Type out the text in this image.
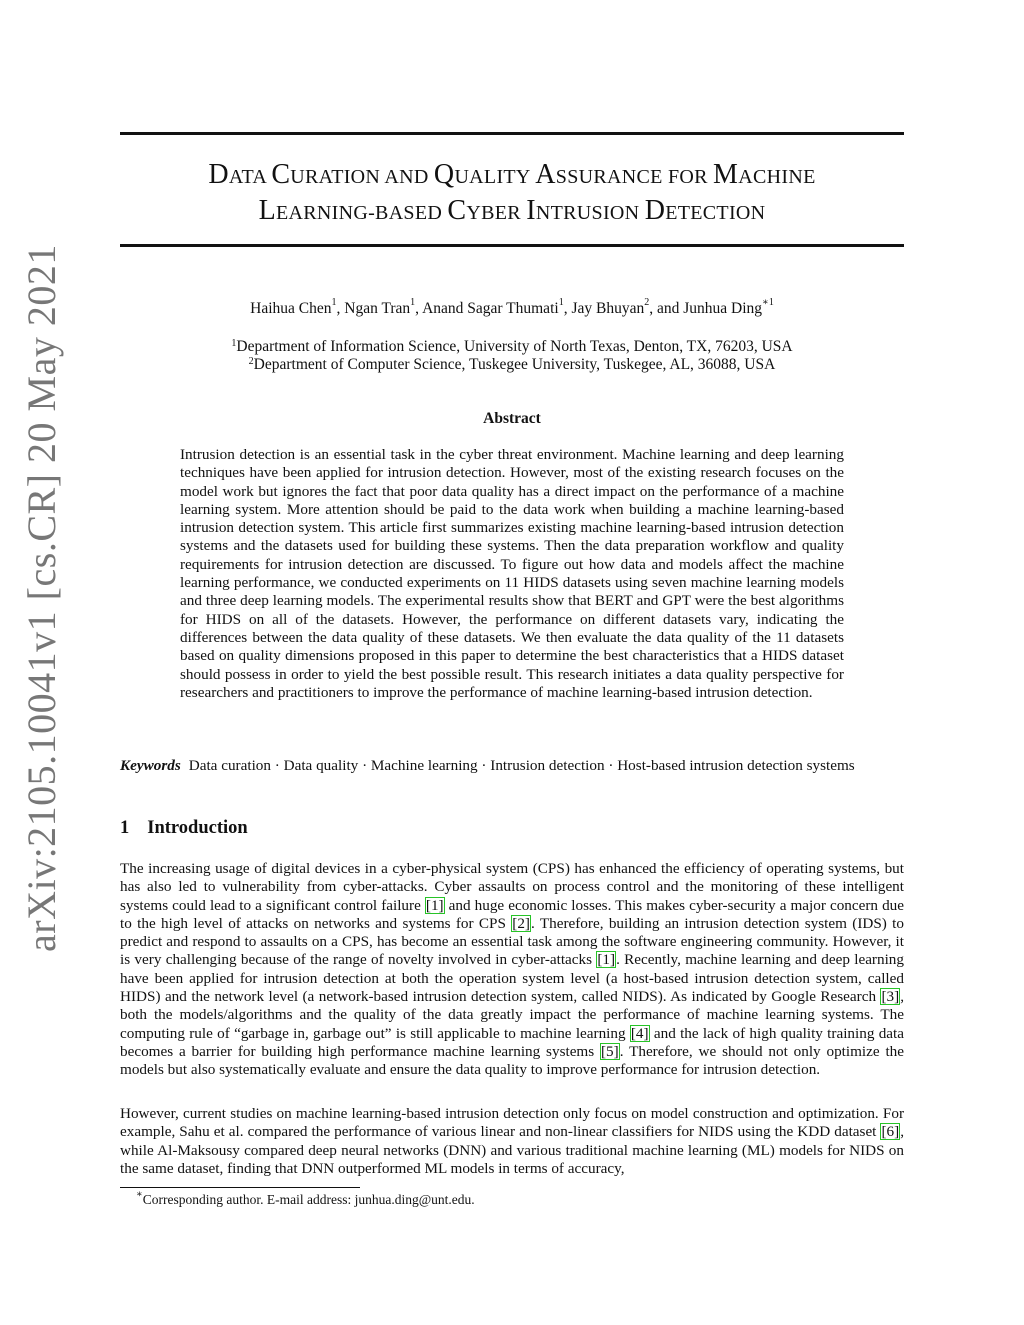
arXiv:2105.10041v1 [cs.CR] 20 May 2021
DATA CURATION AND QUALITY ASSURANCE FOR MACHINE
LEARNING-BASED CYBER INTRUSION DETECTION
Haihua Chen$^1$, Ngan Tran$^1$, Anand Sagar Thumati$^1$, Jay Bhuyan$^2$, and Junhua Ding$^{∗1}$
$^1$Department of Information Science, University of North Texas, Denton, TX, 76203, USA
$^2$Department of Computer Science, Tuskegee University, Tuskegee, AL, 36088, USA
Abstract
Intrusion detection is an essential task in the cyber threat environment. Machine learning and deep learning techniques have been applied for intrusion detection. However, most of the existing research focuses on the model work but ignores the fact that poor data quality has a direct impact on the performance of a machine learning system. More attention should be paid to the data work when building a machine learning-based intrusion detection system. This article first summarizes existing machine learning-based intrusion detection systems and the datasets used for building these systems. Then the data preparation workflow and quality requirements for intrusion detection are discussed. To figure out how data and models affect the machine learning performance, we conducted experiments on 11 HIDS datasets using seven machine learning models and three deep learning models. The experimental results show that BERT and GPT were the best algorithms for HIDS on all of the datasets. However, the performance on different datasets vary, indicating the differences between the data quality of these datasets. We then evaluate the data quality of the 11 datasets based on quality dimensions proposed in this paper to determine the best characteristics that a HIDS dataset should possess in order to yield the best possible result. This research initiates a data quality perspective for researchers and practitioners to improve the performance of machine learning-based intrusion detection.
Keywords Data curation · Data quality · Machine learning · Intrusion detection · Host-based intrusion detection systems
1 Introduction
The increasing usage of digital devices in a cyber-physical system (CPS) has enhanced the efficiency of operating systems, but has also led to vulnerability from cyber-attacks. Cyber assaults on process control and the monitoring of these intelligent systems could lead to a significant control failure [1] and huge economic losses. This makes cyber-security a major concern due to the high level of attacks on networks and systems for CPS [2]. Therefore, building an intrusion detection system (IDS) to predict and respond to assaults on a CPS, has become an essential task among the software engineering community. However, it is very challenging because of the range of novelty involved in cyber-attacks [1]. Recently, machine learning and deep learning have been applied for intrusion detection at both the operation system level (a host-based intrusion detection system, called HIDS) and the network level (a network-based intrusion detection system, called NIDS). As indicated by Google Research [3], both the models/algorithms and the quality of the data greatly impact the performance of machine learning systems. The computing rule of “garbage in, garbage out” is still applicable to machine learning [4] and the lack of high quality training data becomes a barrier for building high performance machine learning systems [5]. Therefore, we should not only optimize the models but also systematically evaluate and ensure the data quality to improve performance for intrusion detection.
However, current studies on machine learning-based intrusion detection only focus on model construction and optimization. For example, Sahu et al. compared the performance of various linear and non-linear classifiers for NIDS using the KDD dataset [6], while Al-Maksousy compared deep neural networks (DNN) and various traditional machine learning (ML) models for NIDS on the same dataset, finding that DNN outperformed ML models in terms of accuracy,
∗Corresponding author. E-mail address: junhua.ding@unt.edu.
